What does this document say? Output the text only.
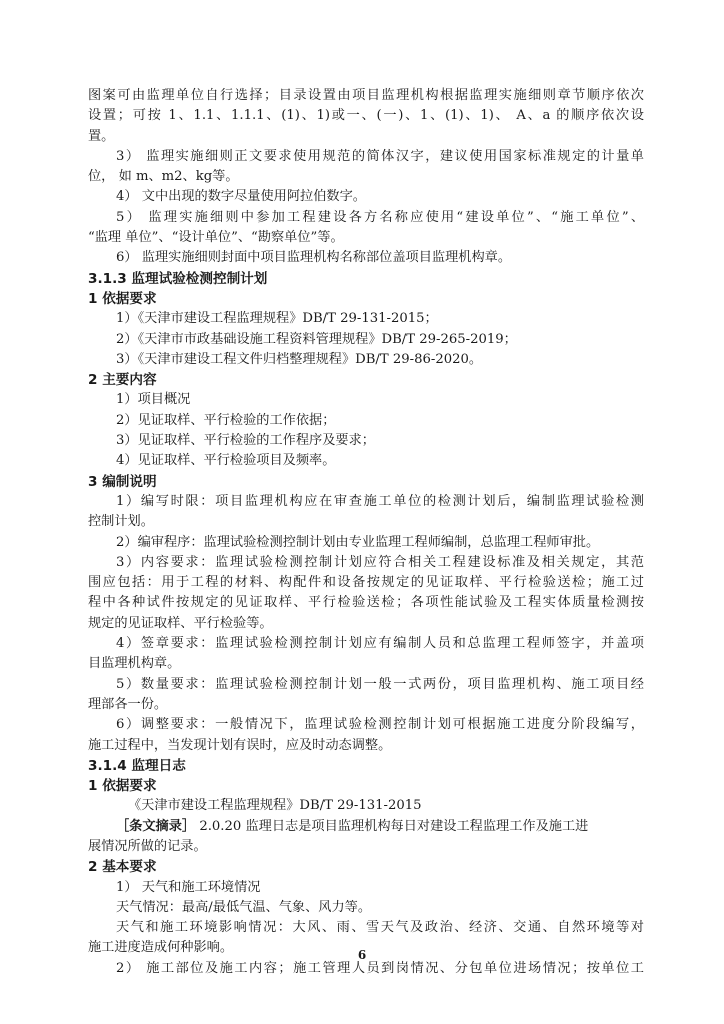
图案可由监理单位自行选择；目录设置由项目监理机构根据监理实施细则章节顺序依次

设置；可按 1、1.1、1.1.1、(1)、1)或一、(一)、1、(1)、1)、 A、a 的顺序依次设

置。

3） 监理实施细则正文要求使用规范的简体汉字，建议使用国家标准规定的计量单

位， 如 m、m2、kg等。

4） 文中出现的数字尽量使用阿拉伯数字。

5） 监理实施细则中参加工程建设各方名称应使用“建设单位”、“施工单位”、

“监理 单位”、“设计单位”、“勘察单位”等。

6） 监理实施细则封面中项目监理机构名称部位盖项目监理机构章。

3.1.3 监理试验检测控制计划

1 依据要求

1）《天津市建设工程监理规程》DB/T 29-131-2015；

2）《天津市市政基础设施工程资料管理规程》DB/T 29-265-2019；

3）《天津市建设工程文件归档整理规程》DB/T 29-86-2020。

2 主要内容

1）项目概况

2）见证取样、平行检验的工作依据；

3）见证取样、平行检验的工作程序及要求；

4）见证取样、平行检验项目及频率。

3 编制说明

1）编写时限：项目监理机构应在审查施工单位的检测计划后，编制监理试验检测

控制计划。

2）编审程序：监理试验检测控制计划由专业监理工程师编制，总监理工程师审批。

3）内容要求：监理试验检测控制计划应符合相关工程建设标准及相关规定，其范

围应包括：用于工程的材料、构配件和设备按规定的见证取样、平行检验送检；施工过

程中各种试件按规定的见证取样、平行检验送检；各项性能试验及工程实体质量检测按

规定的见证取样、平行检验等。

4）签章要求：监理试验检测控制计划应有编制人员和总监理工程师签字，并盖项

目监理机构章。

5）数量要求：监理试验检测控制计划一般一式两份，项目监理机构、施工项目经

理部各一份。

6）调整要求：一般情况下，监理试验检测控制计划可根据施工进度分阶段编写，

施工过程中，当发现计划有误时，应及时动态调整。

3.1.4 监理日志

1 依据要求

《天津市建设工程监理规程》DB/T 29-131-2015

［条文摘录］ 2.0.20 监理日志是项目监理机构每日对建设工程监理工作及施工进

展情况所做的记录。

2 基本要求

1） 天气和施工环境情况

天气情况：最高/最低气温、气象、风力等。

天气和施工环境影响情况：大风、雨、雪天气及政治、经济、交通、自然环境等对

施工进度造成何种影响。

2） 施工部位及施工内容；施工管理人员到岗情况、分包单位进场情况；按单位工

6
